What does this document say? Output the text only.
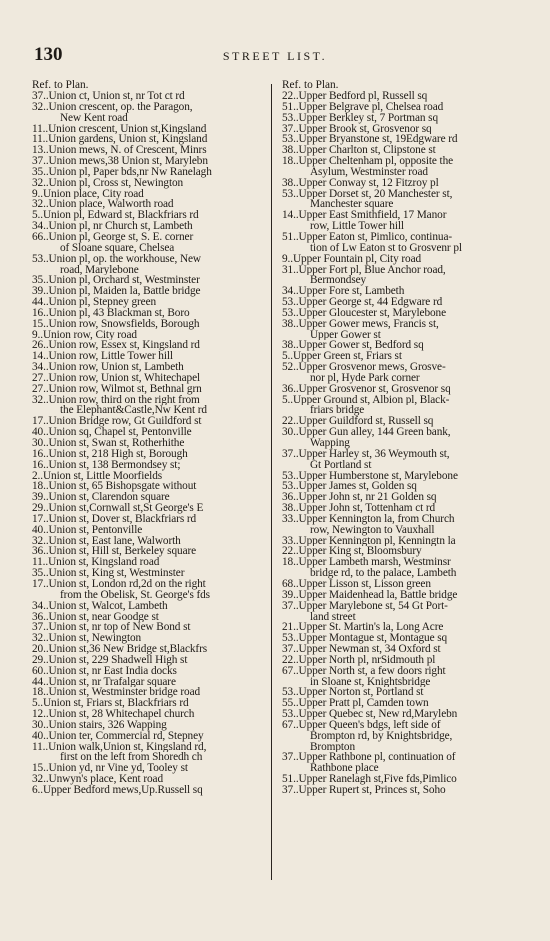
130	STREET LIST.
Ref. to Plan.
37..Union ct, Union st, nr Tot ct rd
32..Union crescent, op. the Paragon,
New Kent road
11..Union crescent, Union st,Kingsland
11..Union gardens, Union st, Kingsland
13..Union mews, N. of Crescent, Minrs
37..Union mews,38 Union st, Marylebn
35..Union pl, Paper bds,nr Nw Ranelagh
32..Union pl, Cross st, Newington
9..Union place, City road
32..Union place, Walworth road
5..Union pl, Edward st, Blackfriars rd
34..Union pl, nr Church st, Lambeth
66..Union pl, George st, S. E. corner
of Sloane square, Chelsea
53..Union pl, op. the workhouse, New
road, Marylebone
35..Union pl, Orchard st, Westminster
39..Union pl, Maiden la, Battle bridge
44..Union pl, Stepney green
16..Union pl, 43 Blackman st, Boro
15..Union row, Snowsfields, Borough
9..Union row, City road
26..Union row, Essex st, Kingsland rd
14..Union row, Little Tower hill
34..Union row, Union st, Lambeth
27..Union row, Union st, Whitechapel
27..Union row, Wilmot st, Bethnal grn
32..Union row, third on the right from
the Elephant&Castle,Nw Kent rd
17..Union Bridge row, Gt Guildford st
40..Union sq, Chapel st, Pentonville
30..Union st, Swan st, Rotherhithe
16..Union st, 218 High st, Borough
16..Union st, 138 Bermondsey st;
2..Union st, Little Moorfields
18..Union st, 65 Bishopsgate without
39..Union st, Clarendon square
29..Union st,Cornwall st,St George's E
17..Union st, Dover st, Blackfriars rd
40..Union st, Pentonville
32..Union st, East lane, Walworth
36..Union st, Hill st, Berkeley square
11..Union st, Kingsland road
35..Union st, King st, Westminster
17..Union st, London rd,2d on the right
from the Obelisk, St. George's fds
34..Union st, Walcot, Lambeth
36..Union st, near Goodge st
37..Union st, nr top of New Bond st
32..Union st, Newington
20..Union st,36 New Bridge st,Blackfrs
29..Union st, 229 Shadwell High st
60..Union st, nr East India docks
44..Union st, nr Trafalgar square
18..Union st, Westminster bridge road
5..Union st, Friars st, Blackfriars rd
12..Union st, 28 Whitechapel church
30..Union stairs, 326 Wapping
40..Union ter, Commercial rd, Stepney
11..Union walk,Union st, Kingsland rd,
first on the left from Shoredh ch
15..Union yd, nr Vine yd, Tooley st
32..Unwyn's place, Kent road
6..Upper Bedford mews,Up.Russell sq
Ref. to Plan.
22..Upper Bedford pl, Russell sq
51..Upper Belgrave pl, Chelsea road
53..Upper Berkley st, 7 Portman sq
37..Upper Brook st, Grosvenor sq
53..Upper Bryanstone st, 19Edgware rd
38..Upper Charlton st, Clipstone st
18..Upper Cheltenham pl, opposite the
Asylum, Westminster road
38..Upper Conway st, 12 Fitzroy pl
53..Upper Dorset st, 20 Manchester st,
Manchester square
14..Upper East Smithfield, 17 Manor
row, Little Tower hill
51..Upper Eaton st, Pimlico, continua-
tion of Lw Eaton st to Grosvenr pl
9..Upper Fountain pl, City road
31..Upper Fort pl, Blue Anchor road,
Bermondsey
34..Upper Fore st, Lambeth
53..Upper George st, 44 Edgware rd
53..Upper Gloucester st, Marylebone
38..Upper Gower mews, Francis st,
Upper Gower st
38..Upper Gower st, Bedford sq
5..Upper Green st, Friars st
52..Upper Grosvenor mews, Grosve-
nor pl, Hyde Park corner
36..Upper Grosvenor st, Grosvenor sq
5..Upper Ground st, Albion pl, Black-
friars bridge
22..Upper Guildford st, Russell sq
30..Upper Gun alley, 144 Green bank,
Wapping
37..Upper Harley st, 36 Weymouth st,
Gt Portland st
53..Upper Humberstone st, Marylebone
53..Upper James st, Golden sq
36..Upper John st, nr 21 Golden sq
38..Upper John st, Tottenham ct rd
33..Upper Kennington la, from Church
row, Newington to Vauxhall
33..Upper Kennington pl, Kenningtn la
22..Upper King st, Bloomsbury
18..Upper Lambeth marsh, Westminsr
bridge rd, to the palace, Lambeth
68..Upper Lisson st, Lisson green
39..Upper Maidenhead la, Battle bridge
37..Upper Marylebone st, 54 Gt Port-
land street
21..Upper St. Martin's la, Long Acre
53..Upper Montague st, Montague sq
37..Upper Newman st, 34 Oxford st
22..Upper North pl, nrSidmouth pl
67..Upper North st, a few doors right
in Sloane st, Knightsbridge
53..Upper Norton st, Portland st
55..Upper Pratt pl, Camden town
53..Upper Quebec st, New rd,Marylebn
67..Upper Queen's bdgs, left side of
Brompton rd, by Knightsbridge,
Brompton
37..Upper Rathbone pl, continuation of
Rathbone place
51..Upper Ranelagh st,Five fds,Pimlico
37..Upper Rupert st, Princes st, Soho
